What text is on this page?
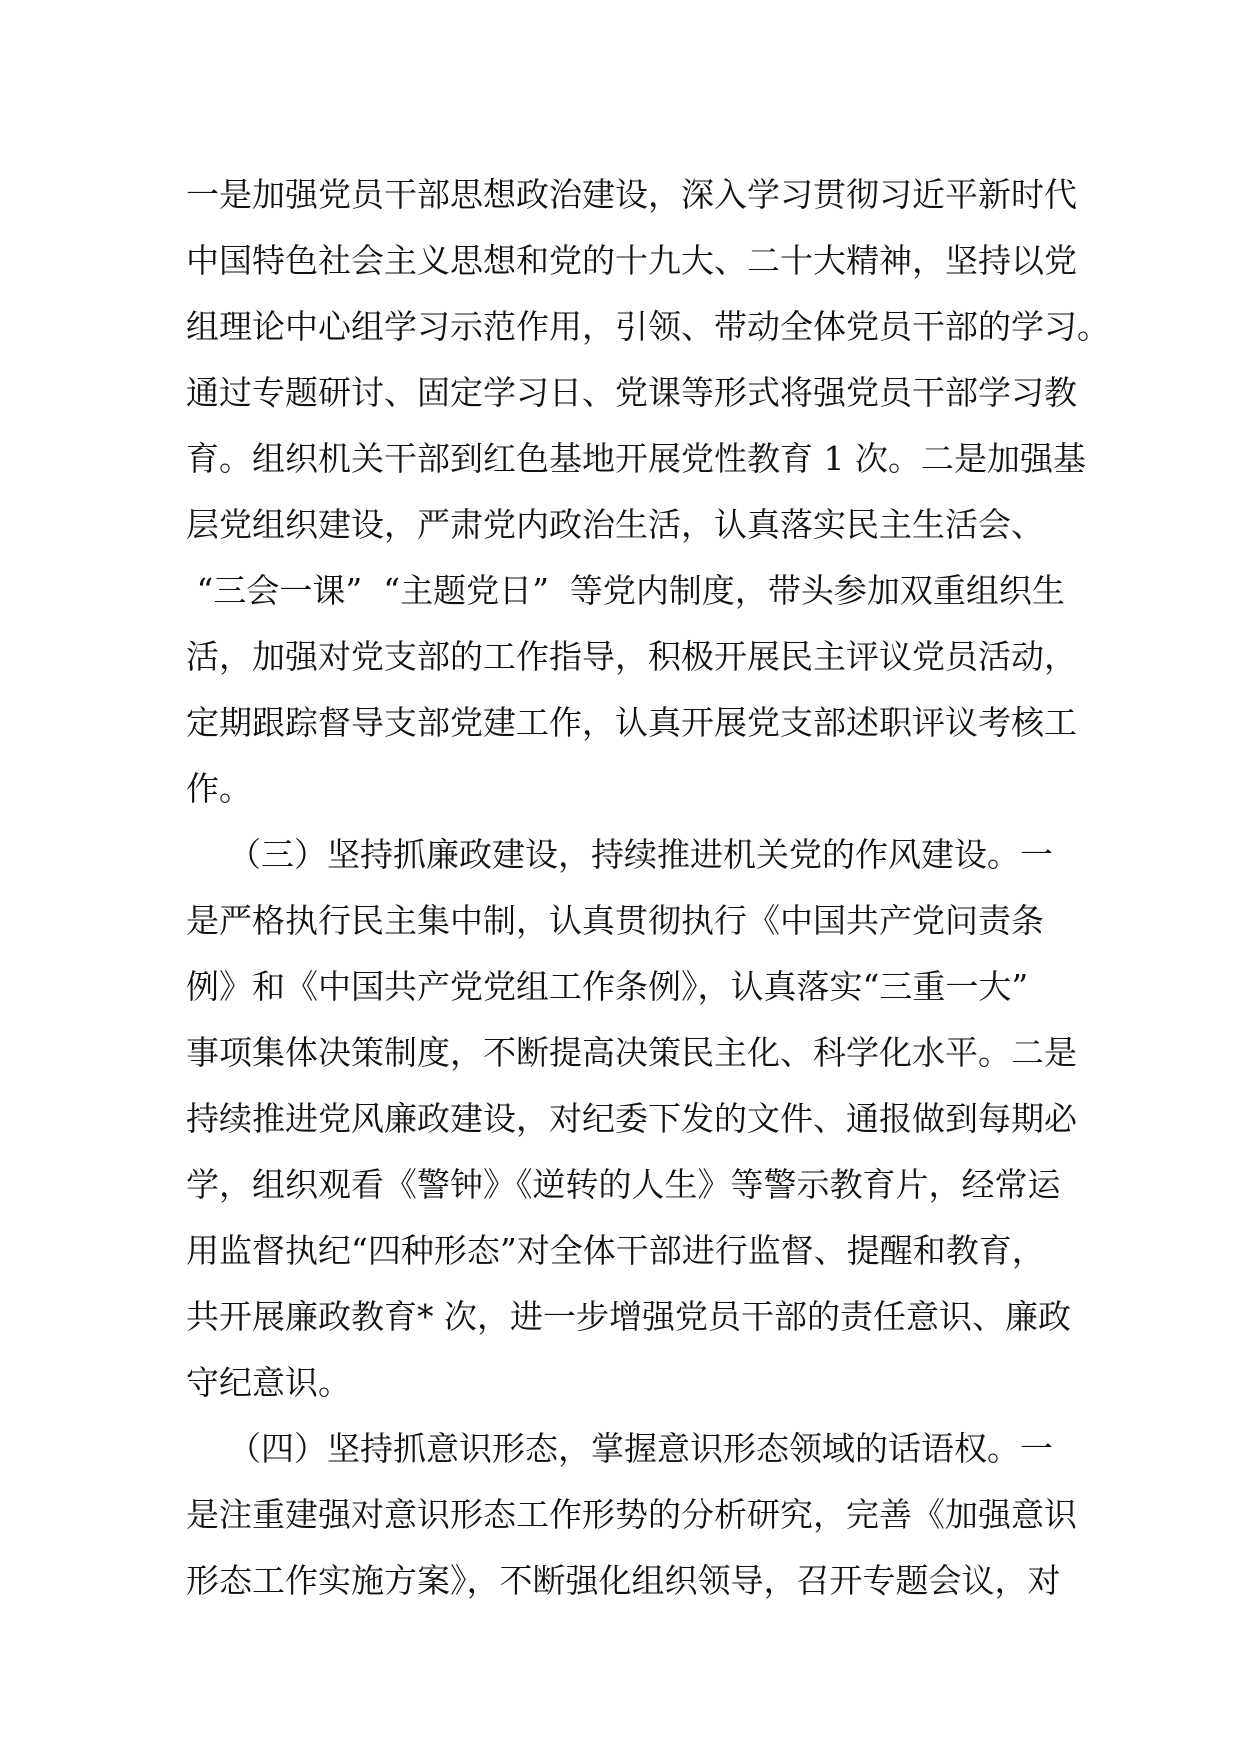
一是加强党员干部思想政治建设，深入学习贯彻习近平新时代
中国特色社会主义思想和党的十九大、二十大精神，坚持以党
组理论中心组学习示范作用，引领、带动全体党员干部的学习。
通过专题研讨、固定学习日、党课等形式将强党员干部学习教
育。组织机关干部到红色基地开展党性教育 1 次。二是加强基
层党组织建设，严肃党内政治生活，认真落实民主生活会、
“三会一课”  “主题党日”  等党内制度，带头参加双重组织生
活，加强对党支部的工作指导，积极开展民主评议党员活动，
定期跟踪督导支部党建工作，认真开展党支部述职评议考核工
作。
（三）坚持抓廉政建设，持续推进机关党的作风建设。一
是严格执行民主集中制，认真贯彻执行《中国共产党问责条
例》和《中国共产党党组工作条例》，认真落实“三重一大”
事项集体决策制度，不断提高决策民主化、科学化水平。二是
持续推进党风廉政建设，对纪委下发的文件、通报做到每期必
学，组织观看《警钟》《逆转的人生》等警示教育片，经常运
用监督执纪“四种形态”对全体干部进行监督、提醒和教育，
共开展廉政教育* 次，进一步增强党员干部的责任意识、廉政
守纪意识。
（四）坚持抓意识形态，掌握意识形态领域的话语权。一
是注重建强对意识形态工作形势的分析研究，完善《加强意识
形态工作实施方案》，不断强化组织领导，召开专题会议，对
